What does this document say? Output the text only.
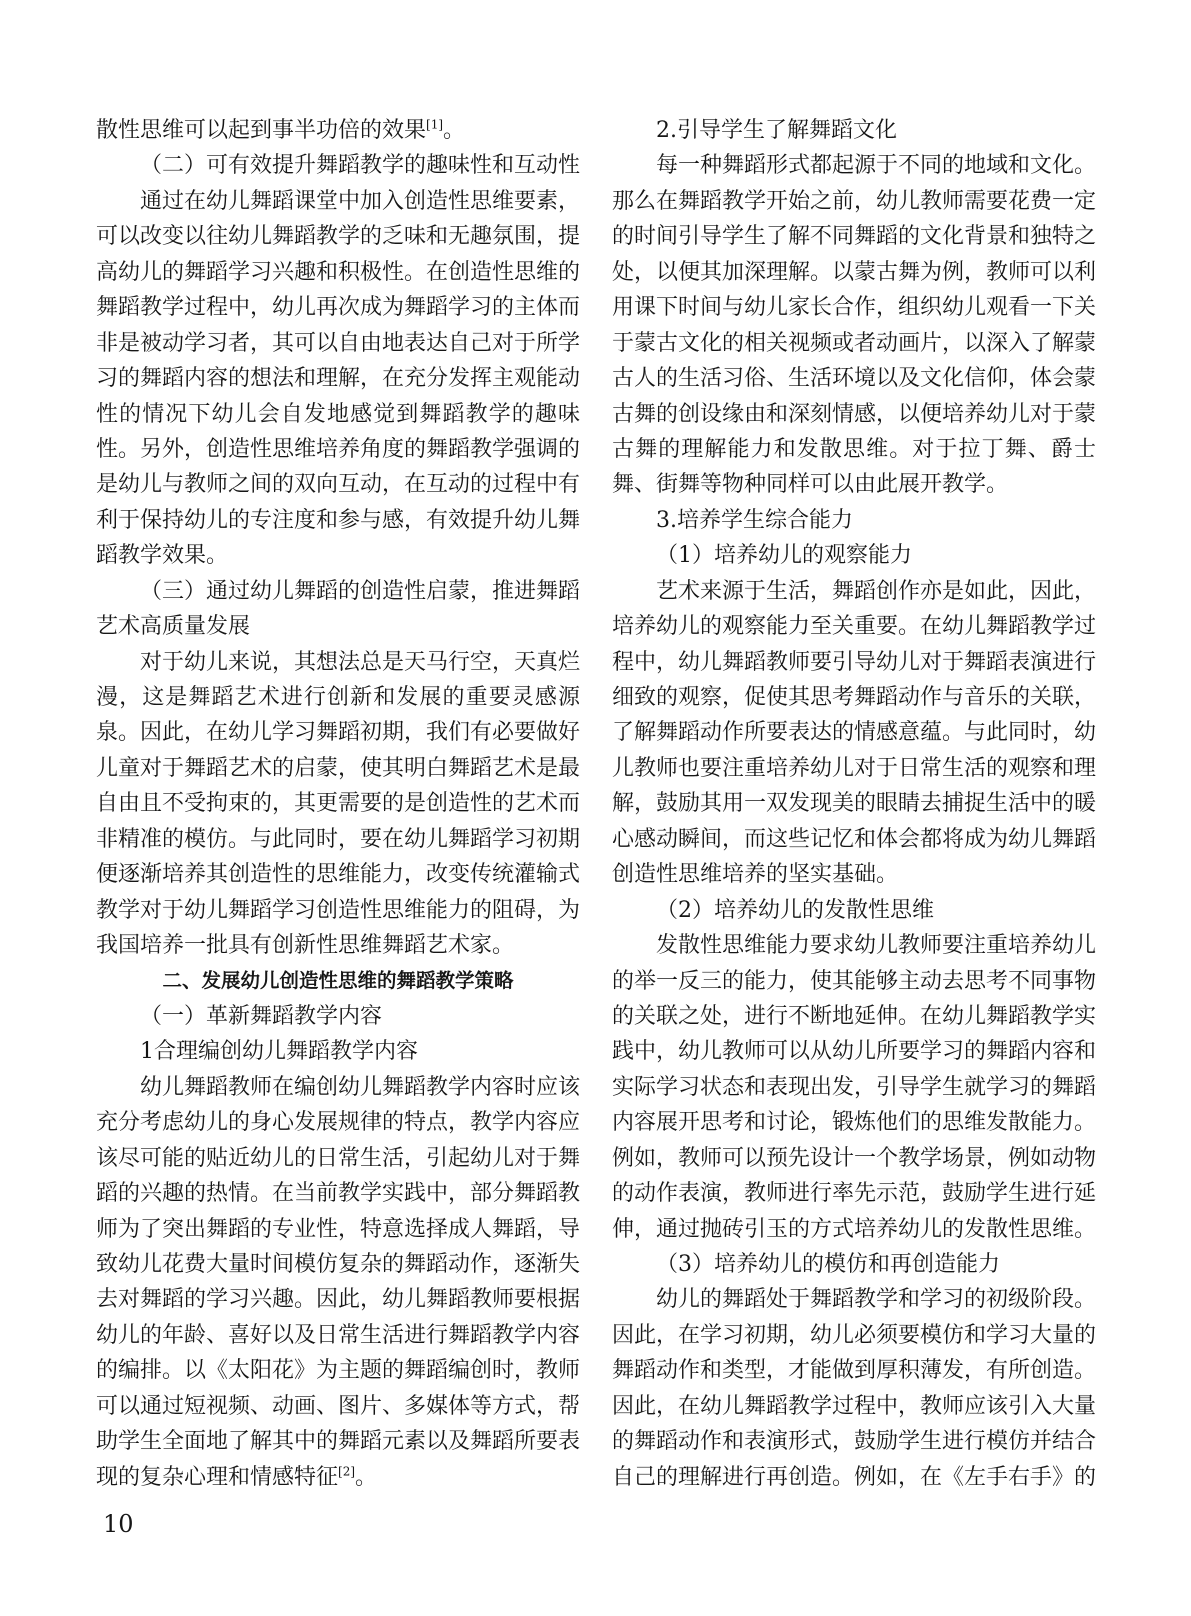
散性思维可以起到事半功倍的效果[1]。
（二）可有效提升舞蹈教学的趣味性和互动性
通过在幼儿舞蹈课堂中加入创造性思维要素，
可以改变以往幼儿舞蹈教学的乏味和无趣氛围，提
高幼儿的舞蹈学习兴趣和积极性。在创造性思维的
舞蹈教学过程中，幼儿再次成为舞蹈学习的主体而
非是被动学习者，其可以自由地表达自己对于所学
习的舞蹈内容的想法和理解，在充分发挥主观能动
性的情况下幼儿会自发地感觉到舞蹈教学的趣味
性。另外，创造性思维培养角度的舞蹈教学强调的
是幼儿与教师之间的双向互动，在互动的过程中有
利于保持幼儿的专注度和参与感，有效提升幼儿舞
蹈教学效果。
（三）通过幼儿舞蹈的创造性启蒙，推进舞蹈
艺术高质量发展
对于幼儿来说，其想法总是天马行空，天真烂
漫，这是舞蹈艺术进行创新和发展的重要灵感源
泉。因此，在幼儿学习舞蹈初期，我们有必要做好
儿童对于舞蹈艺术的启蒙，使其明白舞蹈艺术是最
自由且不受拘束的，其更需要的是创造性的艺术而
非精准的模仿。与此同时，要在幼儿舞蹈学习初期
便逐渐培养其创造性的思维能力，改变传统灌输式
教学对于幼儿舞蹈学习创造性思维能力的阻碍，为
我国培养一批具有创新性思维舞蹈艺术家。
二、发展幼儿创造性思维的舞蹈教学策略
（一）革新舞蹈教学内容
1合理编创幼儿舞蹈教学内容
幼儿舞蹈教师在编创幼儿舞蹈教学内容时应该
充分考虑幼儿的身心发展规律的特点，教学内容应
该尽可能的贴近幼儿的日常生活，引起幼儿对于舞
蹈的兴趣的热情。在当前教学实践中，部分舞蹈教
师为了突出舞蹈的专业性，特意选择成人舞蹈，导
致幼儿花费大量时间模仿复杂的舞蹈动作，逐渐失
去对舞蹈的学习兴趣。因此，幼儿舞蹈教师要根据
幼儿的年龄、喜好以及日常生活进行舞蹈教学内容
的编排。以《太阳花》为主题的舞蹈编创时，教师
可以通过短视频、动画、图片、多媒体等方式，帮
助学生全面地了解其中的舞蹈元素以及舞蹈所要表
现的复杂心理和情感特征[2]。
2.引导学生了解舞蹈文化
每一种舞蹈形式都起源于不同的地域和文化。
那么在舞蹈教学开始之前，幼儿教师需要花费一定
的时间引导学生了解不同舞蹈的文化背景和独特之
处，以便其加深理解。以蒙古舞为例，教师可以利
用课下时间与幼儿家长合作，组织幼儿观看一下关
于蒙古文化的相关视频或者动画片，以深入了解蒙
古人的生活习俗、生活环境以及文化信仰，体会蒙
古舞的创设缘由和深刻情感，以便培养幼儿对于蒙
古舞的理解能力和发散思维。对于拉丁舞、爵士
舞、街舞等物种同样可以由此展开教学。
3.培养学生综合能力
（1）培养幼儿的观察能力
艺术来源于生活，舞蹈创作亦是如此，因此，
培养幼儿的观察能力至关重要。在幼儿舞蹈教学过
程中，幼儿舞蹈教师要引导幼儿对于舞蹈表演进行
细致的观察，促使其思考舞蹈动作与音乐的关联，
了解舞蹈动作所要表达的情感意蕴。与此同时，幼
儿教师也要注重培养幼儿对于日常生活的观察和理
解，鼓励其用一双发现美的眼睛去捕捉生活中的暖
心感动瞬间，而这些记忆和体会都将成为幼儿舞蹈
创造性思维培养的坚实基础。
（2）培养幼儿的发散性思维
发散性思维能力要求幼儿教师要注重培养幼儿
的举一反三的能力，使其能够主动去思考不同事物
的关联之处，进行不断地延伸。在幼儿舞蹈教学实
践中，幼儿教师可以从幼儿所要学习的舞蹈内容和
实际学习状态和表现出发，引导学生就学习的舞蹈
内容展开思考和讨论，锻炼他们的思维发散能力。
例如，教师可以预先设计一个教学场景，例如动物
的动作表演，教师进行率先示范，鼓励学生进行延
伸，通过抛砖引玉的方式培养幼儿的发散性思维。
（3）培养幼儿的模仿和再创造能力
幼儿的舞蹈处于舞蹈教学和学习的初级阶段。
因此，在学习初期，幼儿必须要模仿和学习大量的
舞蹈动作和类型，才能做到厚积薄发，有所创造。
因此，在幼儿舞蹈教学过程中，教师应该引入大量
的舞蹈动作和表演形式，鼓励学生进行模仿并结合
自己的理解进行再创造。例如，在《左手右手》的
10
